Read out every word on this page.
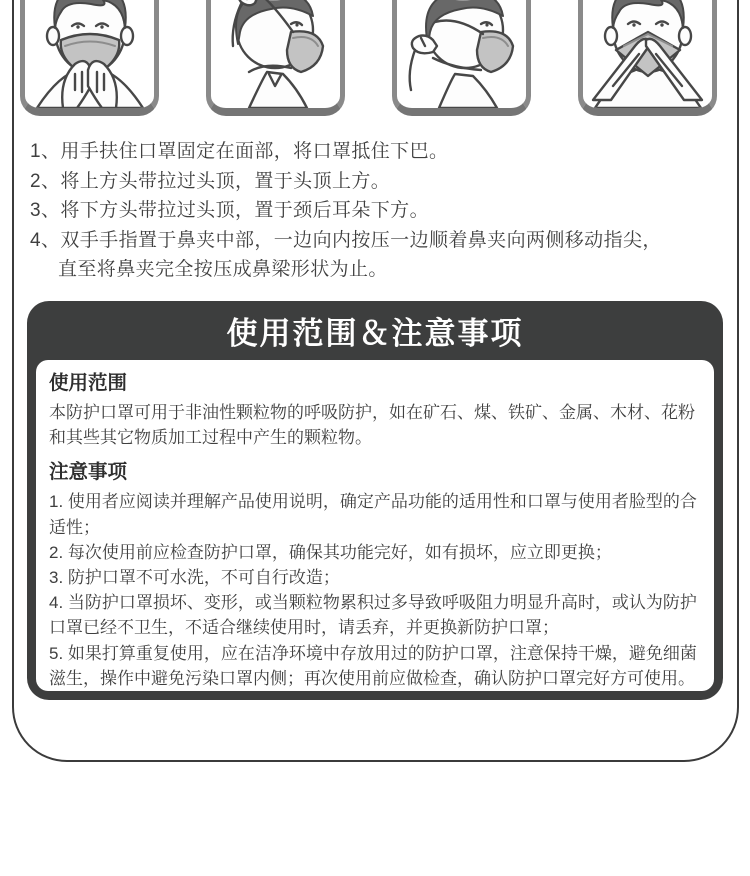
1、用手扶住口罩固定在面部，将口罩抵住下巴。
2、将上方头带拉过头顶，置于头顶上方。
3、将下方头带拉过头顶，置于颈后耳朵下方。
4、双手手指置于鼻夹中部，一边向内按压一边顺着鼻夹向两侧移动指尖，
直至将鼻夹完全按压成鼻梁形状为止。
使用范围＆注意事项
使用范围

本防护口罩可用于非油性颗粒物的呼吸防护，如在矿石、煤、铁矿、金属、木材、花粉和其些其它物质加工过程中产生的颗粒物。

注意事项

1. 使用者应阅读并理解产品使用说明，确定产品功能的适用性和口罩与使用者脸型的合适性；

2. 每次使用前应检查防护口罩，确保其功能完好，如有损坏，应立即更换；

3. 防护口罩不可水洗，不可自行改造；

4. 当防护口罩损坏、变形，或当颗粒物累积过多导致呼吸阻力明显升高时，或认为防护口罩已经不卫生，不适合继续使用时，请丢弃，并更换新防护口罩；

5. 如果打算重复使用，应在洁净环境中存放用过的防护口罩，注意保持干燥，避免细菌滋生，操作中避免污染口罩内侧；再次使用前应做检查，确认防护口罩完好方可使用。
